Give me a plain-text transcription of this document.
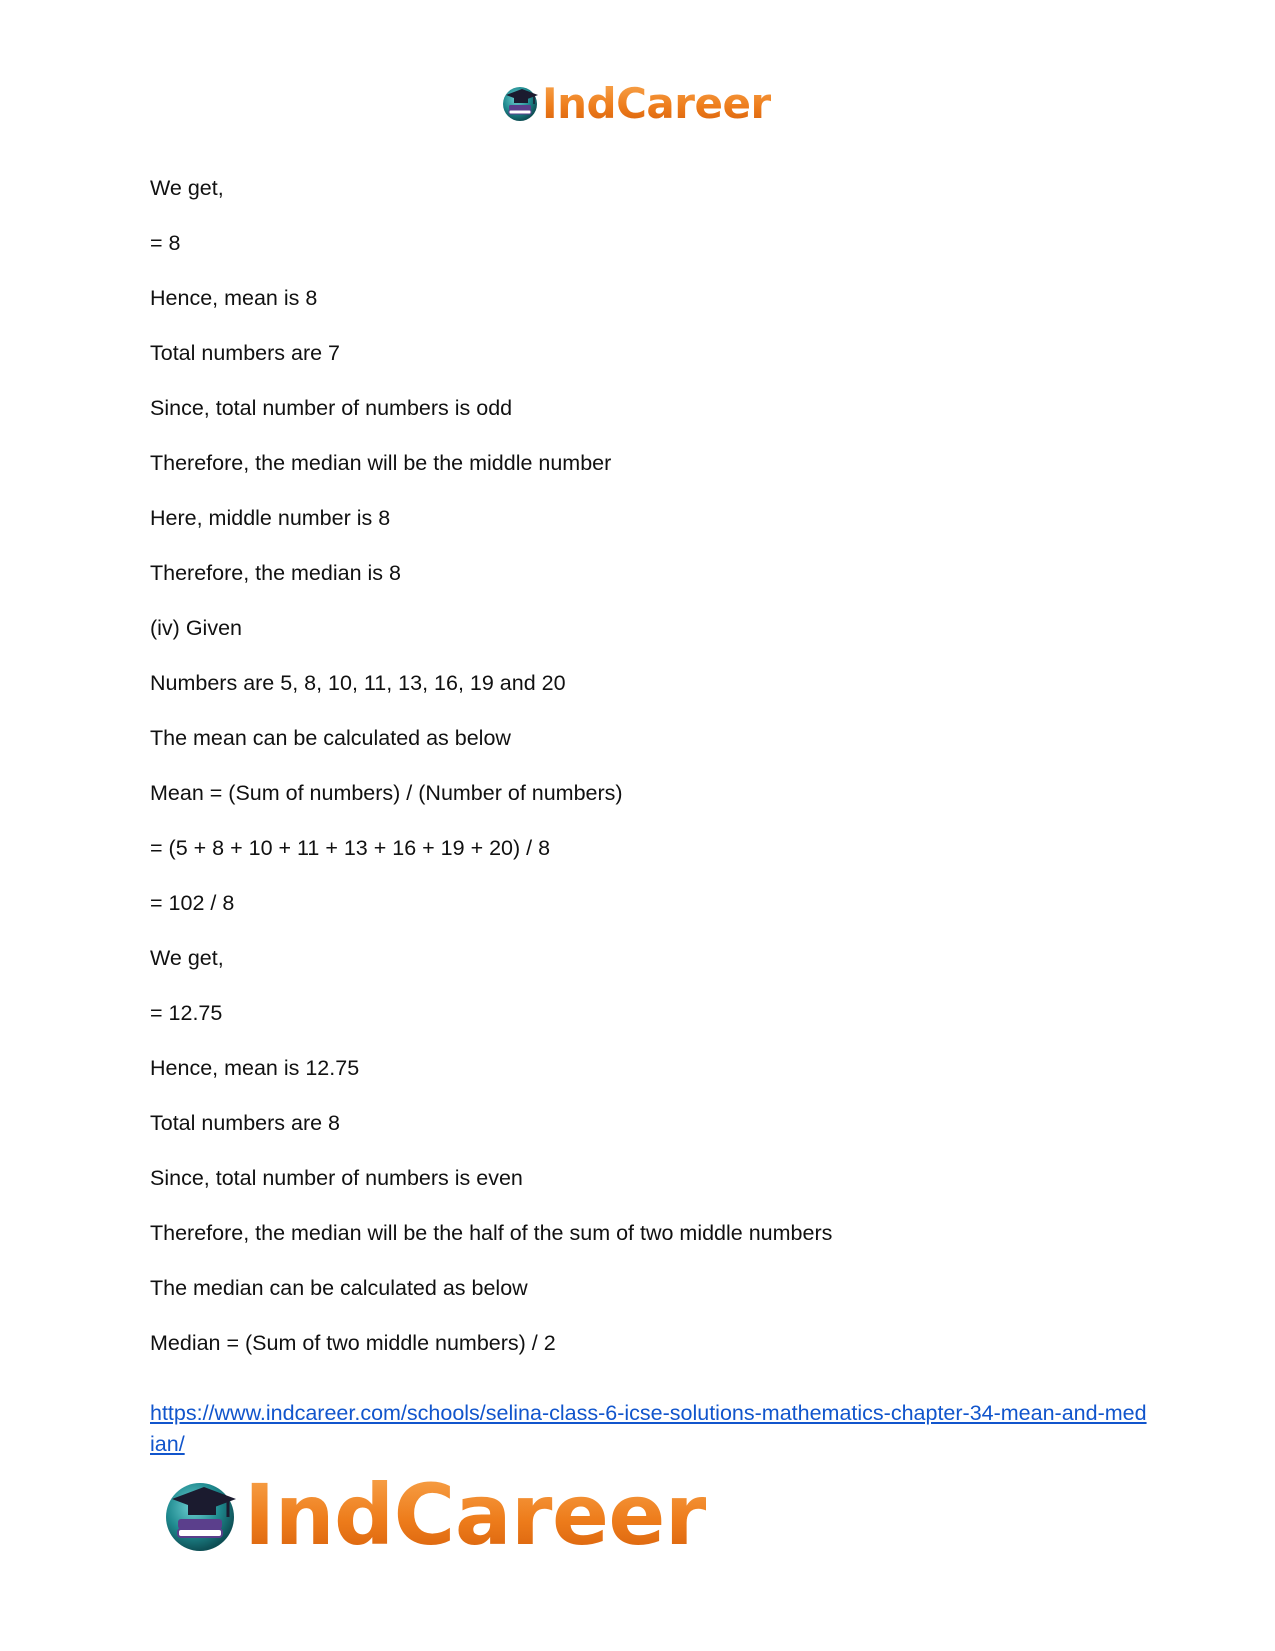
IndCareer
We get,
= 8
Hence, mean is 8
Total numbers are 7
Since, total number of numbers is odd
Therefore, the median will be the middle number
Here, middle number is 8
Therefore, the median is 8
(iv) Given
Numbers are 5, 8, 10, 11, 13, 16, 19 and 20
The mean can be calculated as below
Mean = (Sum of numbers) / (Number of numbers)
= (5 + 8 + 10 + 11 + 13 + 16 + 19 + 20) / 8
= 102 / 8
We get,
= 12.75
Hence, mean is 12.75
Total numbers are 8
Since, total number of numbers is even
Therefore, the median will be the half of the sum of two middle numbers
The median can be calculated as below
Median = (Sum of two middle numbers) / 2
https://www.indcareer.com/schools/selina-class-6-icse-solutions-mathematics-chapter-34-mean-and-median/
IndCareer
